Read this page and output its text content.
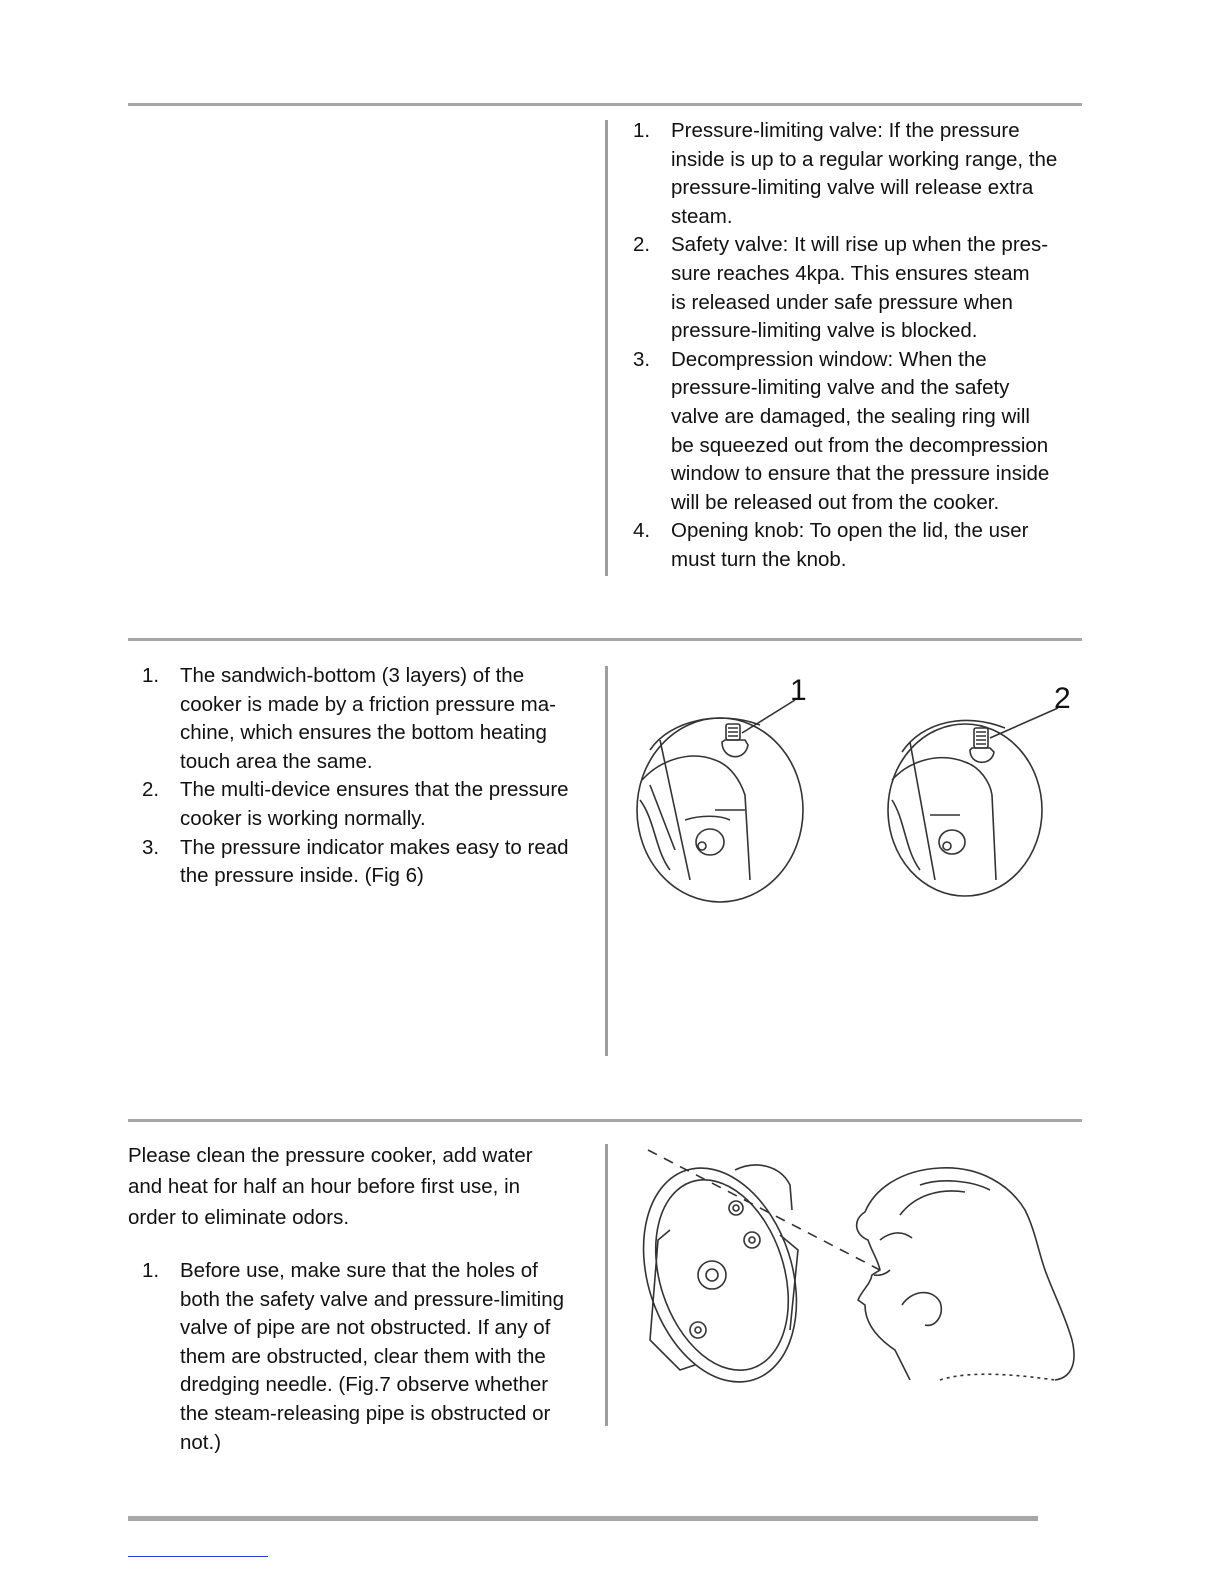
1. Pressure-limiting valve: If the pressure
inside is up to a regular working range, the
pressure-limiting valve will release extra
steam.
2. Safety valve: It will rise up when the pres-
sure reaches 4kpa. This ensures steam
is released under safe pressure when
pressure-limiting valve is blocked.
3. Decompression window: When the
pressure-limiting valve and the safety
valve are damaged, the sealing ring will
be squeezed out from the decompression
window to ensure that the pressure inside
will be released out from the cooker.
4. Opening knob: To open the lid, the user
must turn the knob.
1. The sandwich-bottom (3 layers) of the
cooker is made by a friction pressure ma-
chine, which ensures the bottom heating
touch area the same.
2. The multi-device ensures that the pressure
cooker is working normally.
3. The pressure indicator makes easy to read
the pressure inside. (Fig 6)
1	2
Please clean the pressure cooker, add water
and heat for half an hour before first use, in
order to eliminate odors.
1. Before use, make sure that the holes of
both the safety valve and pressure-limiting
valve of pipe are not obstructed. If any of
them are obstructed, clear them with the
dredging needle. (Fig.7 observe whether
the steam-releasing pipe is obstructed or
not.)
